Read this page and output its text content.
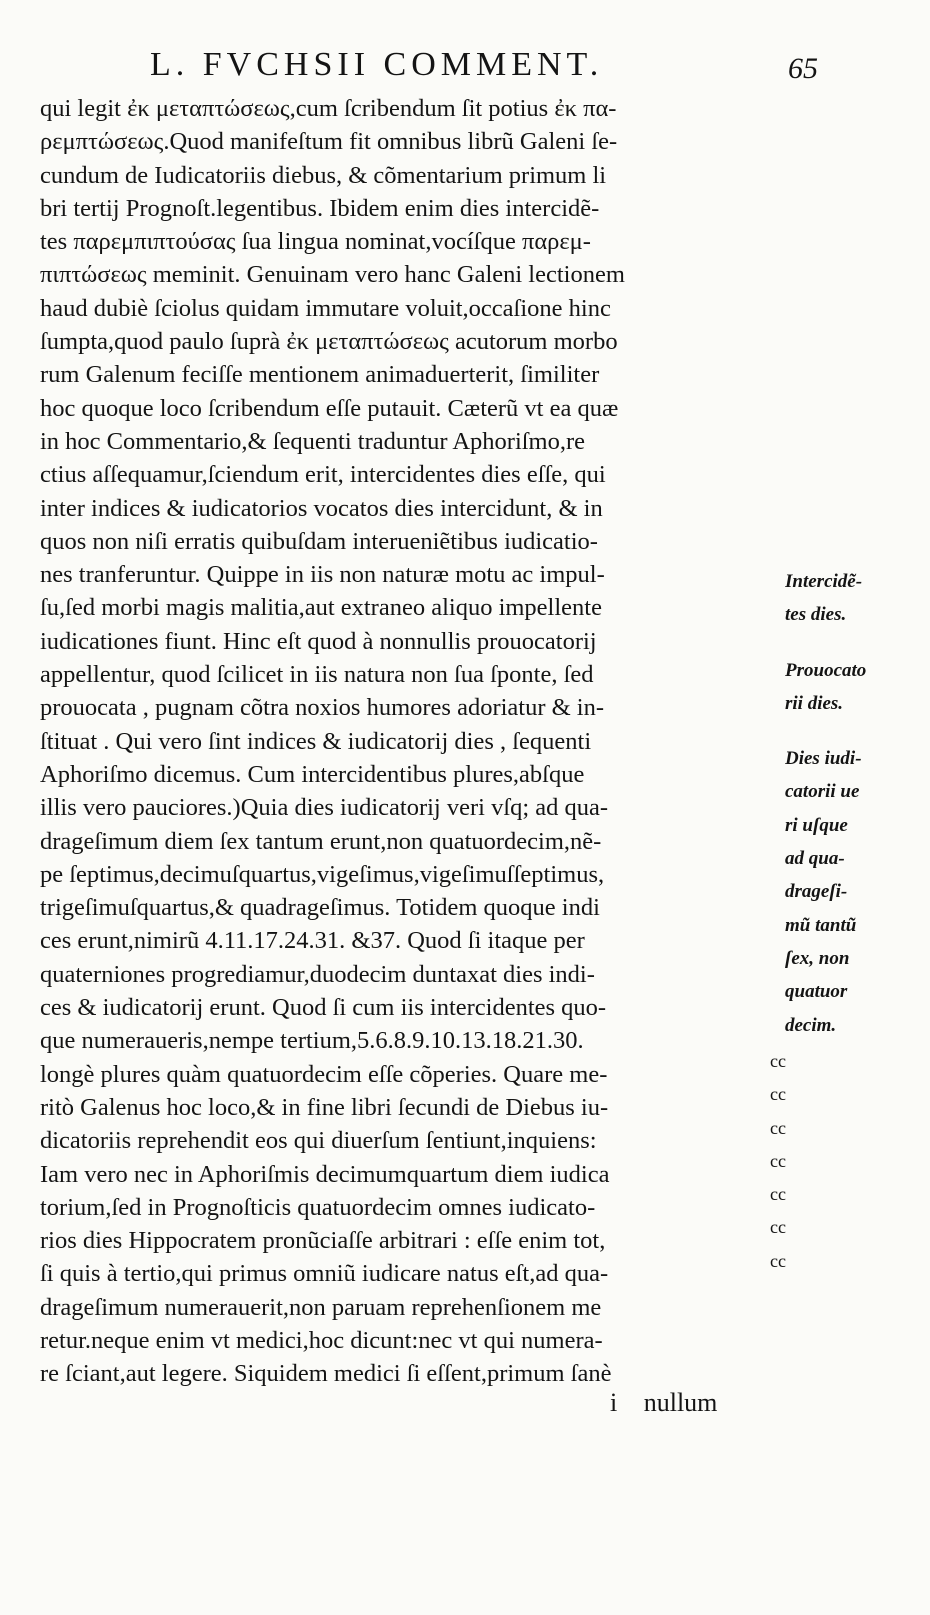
L. FVCHSII COMMENT.	65
qui legit ἐκ μεταπτώσεως,cum ſcribendum ſit potius ἐκ πα-
ρεμπτώσεως.Quod manifeſtum fit omnibus librũ Galeni ſe-
cundum de Iudicatoriis diebus, & cõmentarium primum li
bri tertij Prognoſt.legentibus. Ibidem enim dies intercidẽ-
tes παρεμπιπτούσας ſua lingua nominat,vocíſque παρεμ-
πιπτώσεως meminit. Genuinam vero hanc Galeni lectionem
haud dubiè ſciolus quidam immutare voluit,occaſione hinc
ſumpta,quod paulo ſuprà ἐκ μεταπτώσεως acutorum morbo
rum Galenum feciſſe mentionem animaduerterit, ſimiliter
hoc quoque loco ſcribendum eſſe putauit. Cæterũ vt ea quæ
in hoc Commentario,& ſequenti traduntur Aphoriſmo,re
ctius aſſequamur,ſciendum erit, intercidentes dies eſſe, qui
inter indices & iudicatorios vocatos dies intercidunt, & in
quos non niſi erratis quibuſdam interueniẽtibus iudicatio-
nes tranferuntur. Quippe in iis non naturæ motu ac impul-
ſu,ſed morbi magis malitia,aut extraneo aliquo impellente
iudicationes fiunt. Hinc eſt quod à nonnullis prouocatorij
appellentur, quod ſcilicet in iis natura non ſua ſponte, ſed
prouocata , pugnam cõtra noxios humores adoriatur & in-
ſtituat . Qui vero ſint indices & iudicatorij dies , ſequenti
Aphoriſmo dicemus. Cum intercidentibus plures,abſque
illis vero pauciores.)Quia dies iudicatorij veri vſq; ad qua-
drageſimum diem ſex tantum erunt,non quatuordecim,nẽ-
pe ſeptimus,decimuſquartus,vigeſimus,vigeſimuſſeptimus,
trigeſimuſquartus,& quadrageſimus. Totidem quoque indi
ces erunt,nimirũ 4.11.17.24.31. &37. Quod ſi itaque per
quaterniones progrediamur,duodecim duntaxat dies indi-
ces & iudicatorij erunt. Quod ſi cum iis intercidentes quo-
que numeraueris,nempe tertium,5.6.8.9.10.13.18.21.30.
longè plures quàm quatuordecim eſſe cõperies. Quare me-
ritò Galenus hoc loco,& in fine libri ſecundi de Diebus iu-
dicatoriis reprehendit eos qui diuerſum ſentiunt,inquiens:
Iam vero nec in Aphoriſmis decimumquartum diem iudica
torium,ſed in Prognoſticis quatuordecim omnes iudicato-
rios dies Hippocratem pronũciaſſe arbitrari : eſſe enim tot,
ſi quis à tertio,qui primus omniũ iudicare natus eſt,ad qua-
drageſimum numerauerit,non paruam reprehenſionem me
retur.neque enim vt medici,hoc dicunt:nec vt qui numera-
re ſciant,aut legere. Siquidem medici ſi eſſent,primum ſanè
Intercidẽ-
tes dies.
Prouocato
rii dies.
Dies iudi-
catorii ue
ri uſque
ad qua-
drageſi-
mũ tantũ
ſex, non
quatuor
decim.
cc
cc
cc
cc
cc
cc
cc
i nullum
